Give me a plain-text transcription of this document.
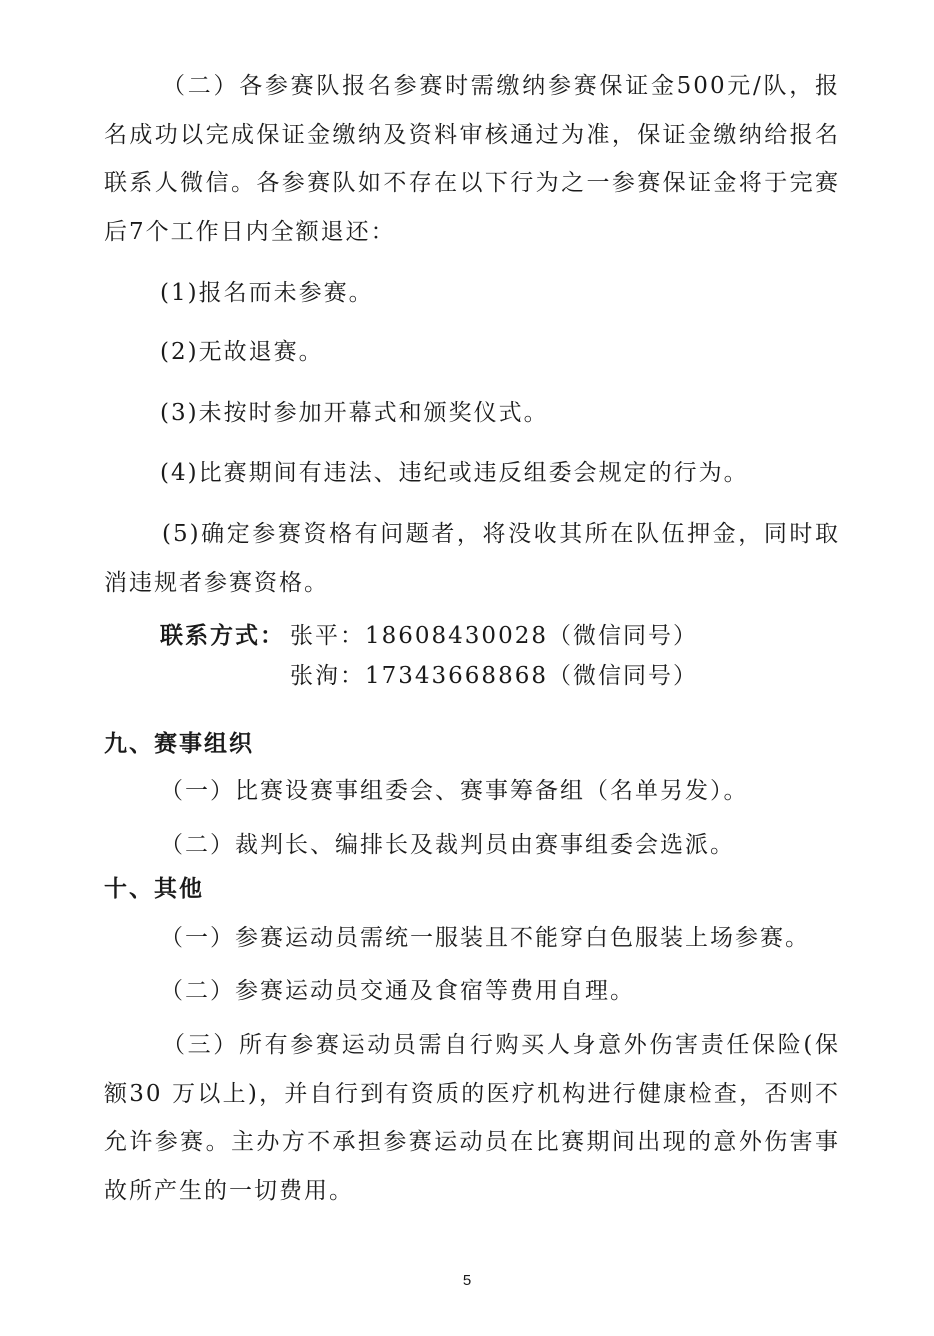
（二）各参赛队报名参赛时需缴纳参赛保证金500元/队，报名成功以完成保证金缴纳及资料审核通过为准，保证金缴纳给报名联系人微信。各参赛队如不存在以下行为之一参赛保证金将于完赛后7个工作日内全额退还：
(1)报名而未参赛。
(2)无故退赛。
(3)未按时参加开幕式和颁奖仪式。
(4)比赛期间有违法、违纪或违反组委会规定的行为。
(5)确定参赛资格有问题者，将没收其所在队伍押金，同时取消违规者参赛资格。
联系方式： 张平：18608430028（微信同号）
张洵：17343668868（微信同号）
九、赛事组织
（一）比赛设赛事组委会、赛事筹备组（名单另发）。
（二）裁判长、编排长及裁判员由赛事组委会选派。
十、其他
（一）参赛运动员需统一服装且不能穿白色服装上场参赛。
（二）参赛运动员交通及食宿等费用自理。
（三）所有参赛运动员需自行购买人身意外伤害责任保险(保额30 万以上)，并自行到有资质的医疗机构进行健康检查，否则不允许参赛。主办方不承担参赛运动员在比赛期间出现的意外伤害事故所产生的一切费用。
5
